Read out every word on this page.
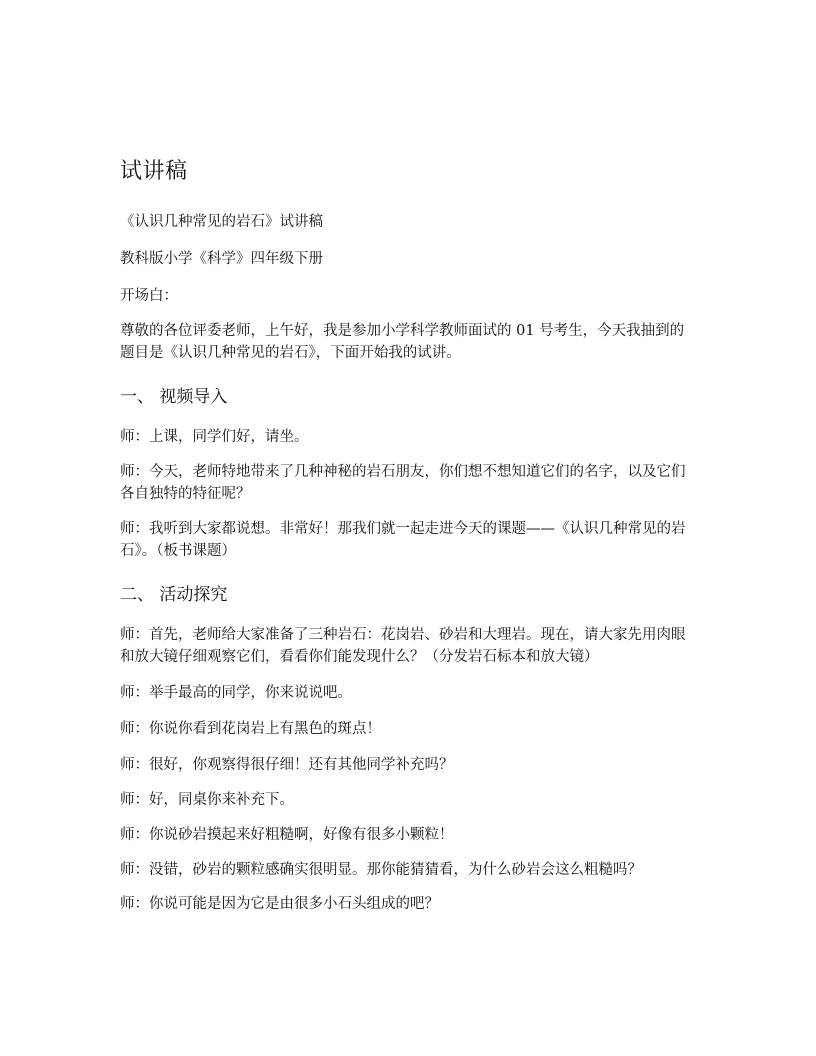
试讲稿

《认识几种常见的岩石》试讲稿

教科版小学《科学》四年级下册

开场白：

尊敬的各位评委老师，上午好，我是参加小学科学教师面试的 01 号考生，今天我抽到的题目是《认识几种常见的岩石》，下面开始我的试讲。

一、 视频导入

师：上课，同学们好，请坐。

师：今天，老师特地带来了几种神秘的岩石朋友，你们想不想知道它们的名字，以及它们各自独特的特征呢？

师：我听到大家都说想。非常好！那我们就一起走进今天的课题——《认识几种常见的岩石》。（板书课题）

二、 活动探究

师：首先，老师给大家准备了三种岩石：花岗岩、砂岩和大理岩。现在，请大家先用肉眼和放大镜仔细观察它们，看看你们能发现什么？（分发岩石标本和放大镜）

师：举手最高的同学，你来说说吧。

师：你说你看到花岗岩上有黑色的斑点！

师：很好，你观察得很仔细！还有其他同学补充吗？

师：好，同桌你来补充下。

师：你说砂岩摸起来好粗糙啊，好像有很多小颗粒！

师：没错，砂岩的颗粒感确实很明显。那你能猜猜看，为什么砂岩会这么粗糙吗？

师：你说可能是因为它是由很多小石头组成的吧？
